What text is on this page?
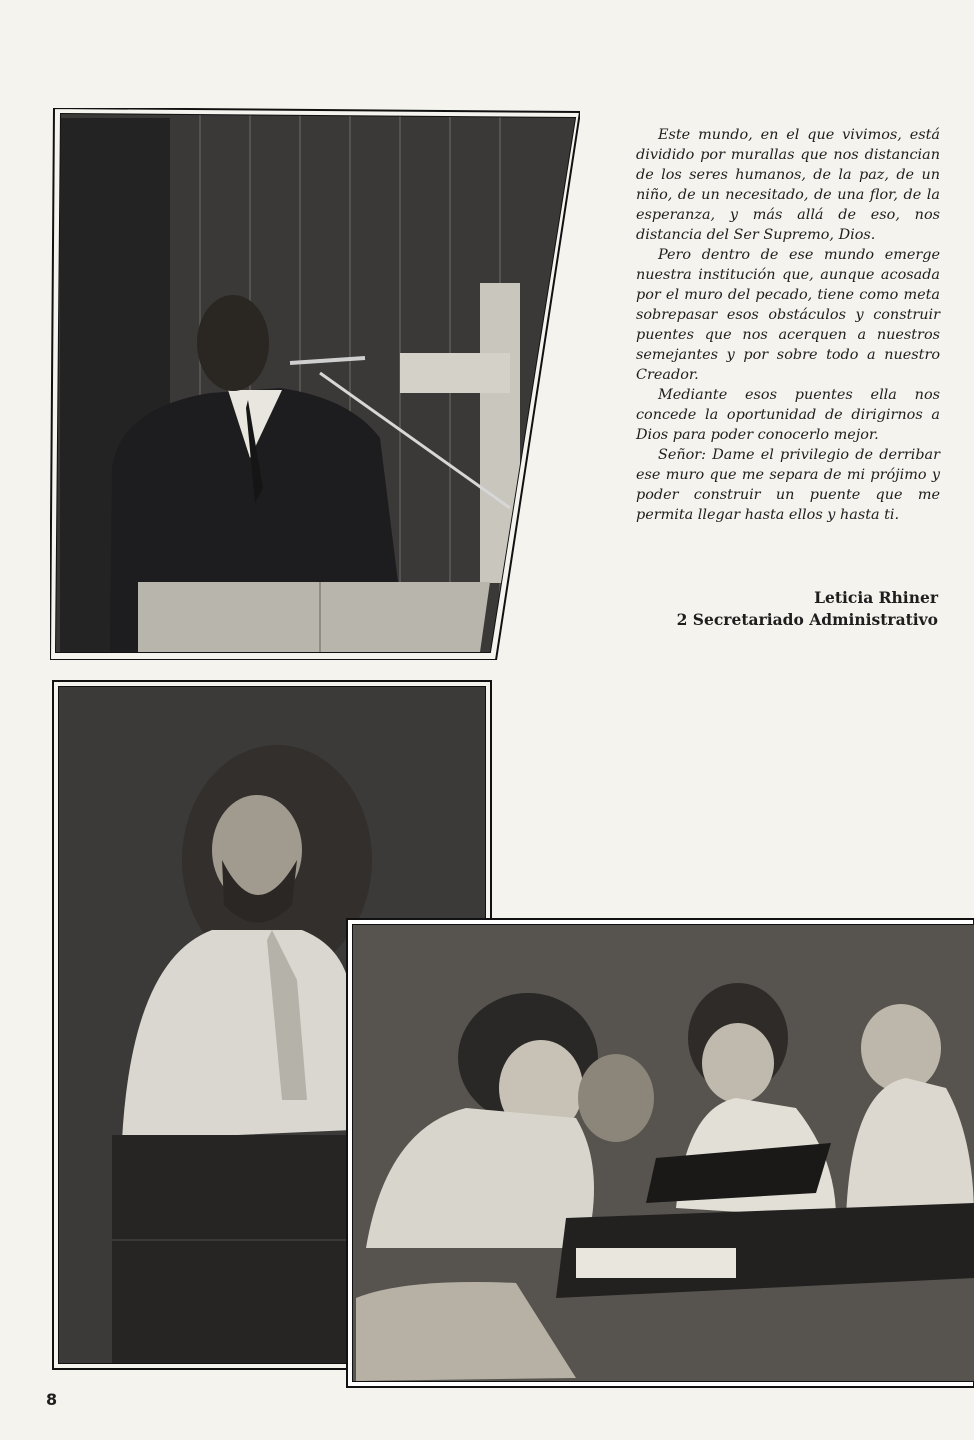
Este mundo, en el que vivimos, está dividido por murallas que nos distancian de los seres humanos, de la paz, de un niño, de un necesitado, de una flor, de la esperanza, y más allá de eso, nos distancia del Ser Supremo, Dios.

Pero dentro de ese mundo emerge nuestra institución que, aunque acosada por el muro del pecado, tiene como meta sobrepasar esos obstáculos y construir puentes que nos acerquen a nuestros semejantes y por sobre todo a nuestro Creador.

Mediante esos puentes ella nos concede la oportunidad de dirigirnos a Dios para poder conocerlo mejor.

Señor: Dame el privilegio de derribar ese muro que me separa de mi prójimo y poder construir un puente que me permita llegar hasta ellos y hasta ti.

Leticia Rhiner
2 Secretariado Administrativo
8
